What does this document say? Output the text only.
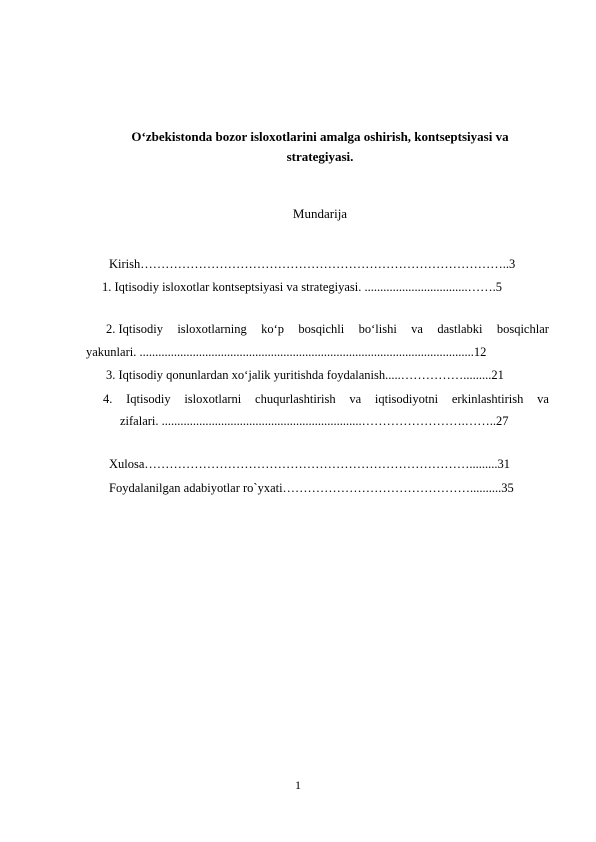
O‘zbekistonda bozor isloxotlarini amalga oshirish, kontseptsiyasi va
strategiyasi.
Mundarija
Kirish……………………………………………………………………………..3
1. Iqtisodiy isloxotlar kontseptsiyasi va strategiyasi. .................................…….5
2. Iqtisodiy isloxotlarning ko‘p bosqichli bo‘lishi va dastlabki bosqichlar
yakunlari. ...........................................................................................................12
3. Iqtisodiy qonunlardan xo‘jalik yuritishda foydalanish.....…………….........21
4. Iqtisodiy isloxotlarni chuqurlashtirish va iqtisodiyotni erkinlashtirish va
zifalari. ................................................................…………………….……..27
Xulosa…………………………………………………………………….........31
Foydalanilgan adabiyotlar ro`yxati………………………………………..........35
1
